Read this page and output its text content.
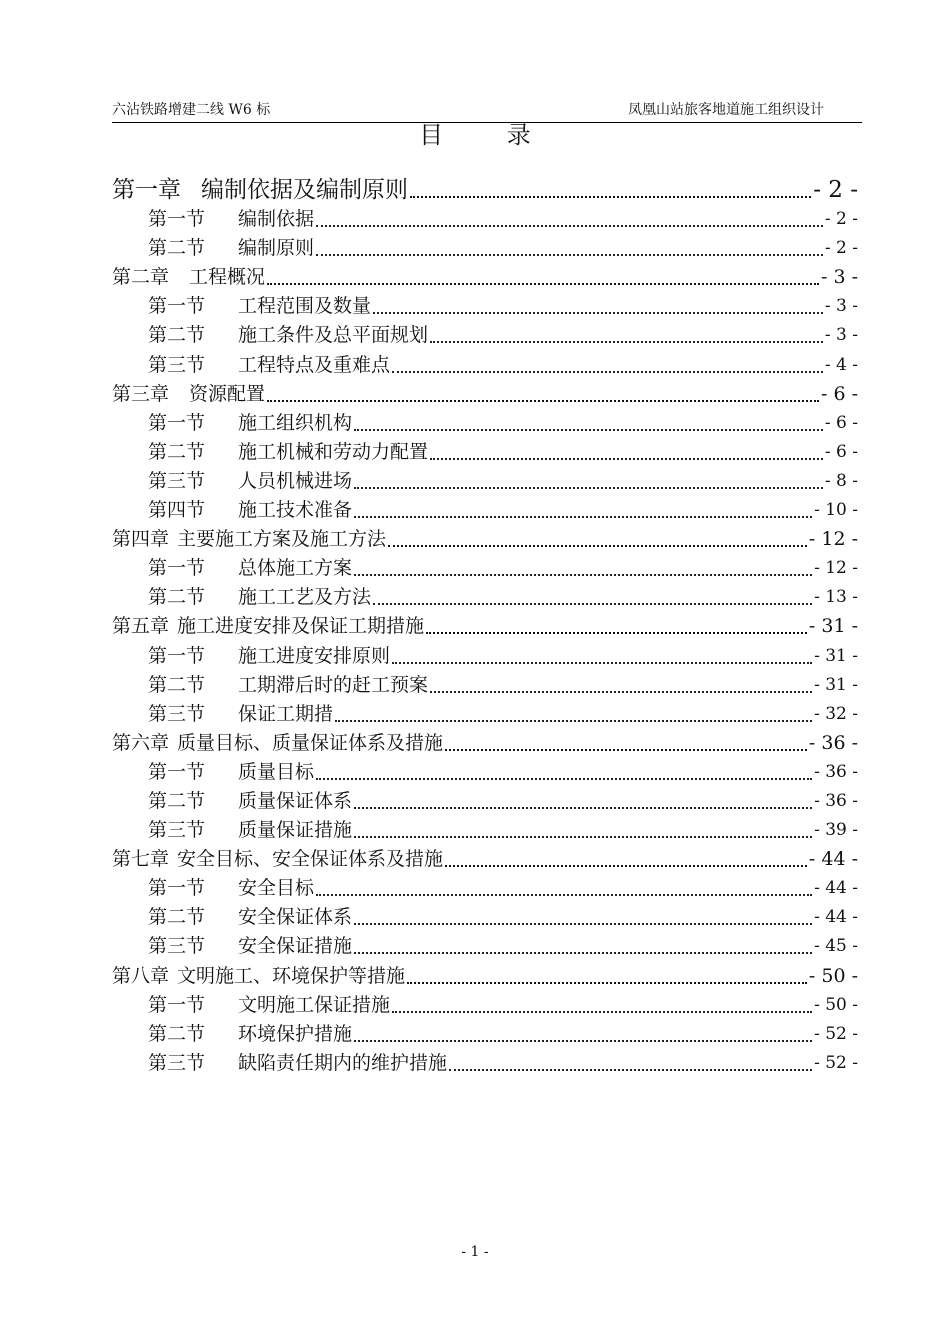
六沾铁路增建二线 W6 标	凤凰山站旅客地道施工组织设计
目 录
第一章 编制依据及编制原则	- 2 -
第一节 编制依据	- 2 -
第二节 编制原则	- 2 -
第二章 工程概况	- 3 -
第一节 工程范围及数量	- 3 -
第二节 施工条件及总平面规划	- 3 -
第三节 工程特点及重难点	- 4 -
第三章 资源配置	- 6 -
第一节 施工组织机构	- 6 -
第二节 施工机械和劳动力配置	- 6 -
第三节 人员机械进场	- 8 -
第四节 施工技术准备	- 10 -
第四章 主要施工方案及施工方法	- 12 -
第一节 总体施工方案	- 12 -
第二节 施工工艺及方法	- 13 -
第五章 施工进度安排及保证工期措施	- 31 -
第一节 施工进度安排原则	- 31 -
第二节 工期滞后时的赶工预案	- 31 -
第三节 保证工期措	- 32 -
第六章 质量目标、质量保证体系及措施	- 36 -
第一节 质量目标	- 36 -
第二节 质量保证体系	- 36 -
第三节 质量保证措施	- 39 -
第七章 安全目标、安全保证体系及措施	- 44 -
第一节 安全目标	- 44 -
第二节 安全保证体系	- 44 -
第三节 安全保证措施	- 45 -
第八章 文明施工、环境保护等措施	- 50 -
第一节 文明施工保证措施	- 50 -
第二节 环境保护措施	- 52 -
第三节 缺陷责任期内的维护措施	- 52 -
- 1 -
